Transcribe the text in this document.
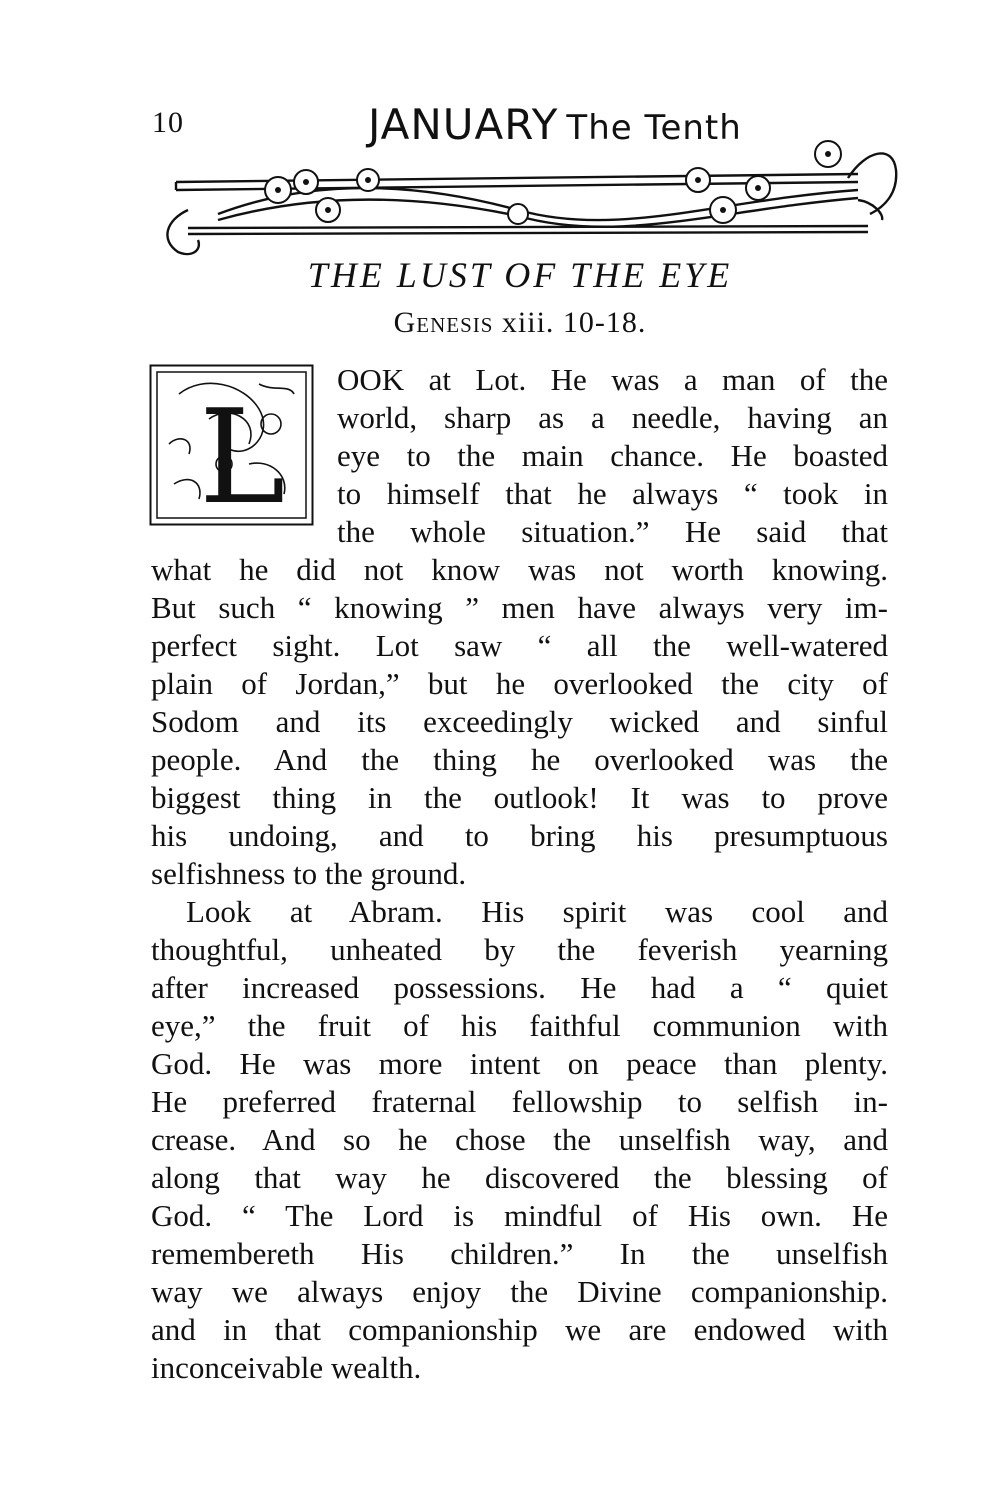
10	JANUARY The Tenth
THE LUST OF THE EYE
Genesis xiii. 10-18.
L
OOK at Lot. He was a man of the
world, sharp as a needle, having an
eye to the main chance. He boasted
to himself that he always “ took in
the whole situation.” He said that
what he did not know was not worth knowing.
But such “ knowing ” men have always very im-
perfect sight. Lot saw “ all the well-watered
plain of Jordan,” but he overlooked the city of
Sodom and its exceedingly wicked and sinful
people. And the thing he overlooked was the
biggest thing in the outlook! It was to prove
his undoing, and to bring his presumptuous
selfishness to the ground.
Look at Abram. His spirit was cool and
thoughtful, unheated by the feverish yearning
after increased possessions. He had a “ quiet
eye,” the fruit of his faithful communion with
God. He was more intent on peace than plenty.
He preferred fraternal fellowship to selfish in-
crease. And so he chose the unselfish way, and
along that way he discovered the blessing of
God. “ The Lord is mindful of His own. He
remembereth His children.” In the unselfish
way we always enjoy the Divine companionship.
and in that companionship we are endowed with
inconceivable wealth.
